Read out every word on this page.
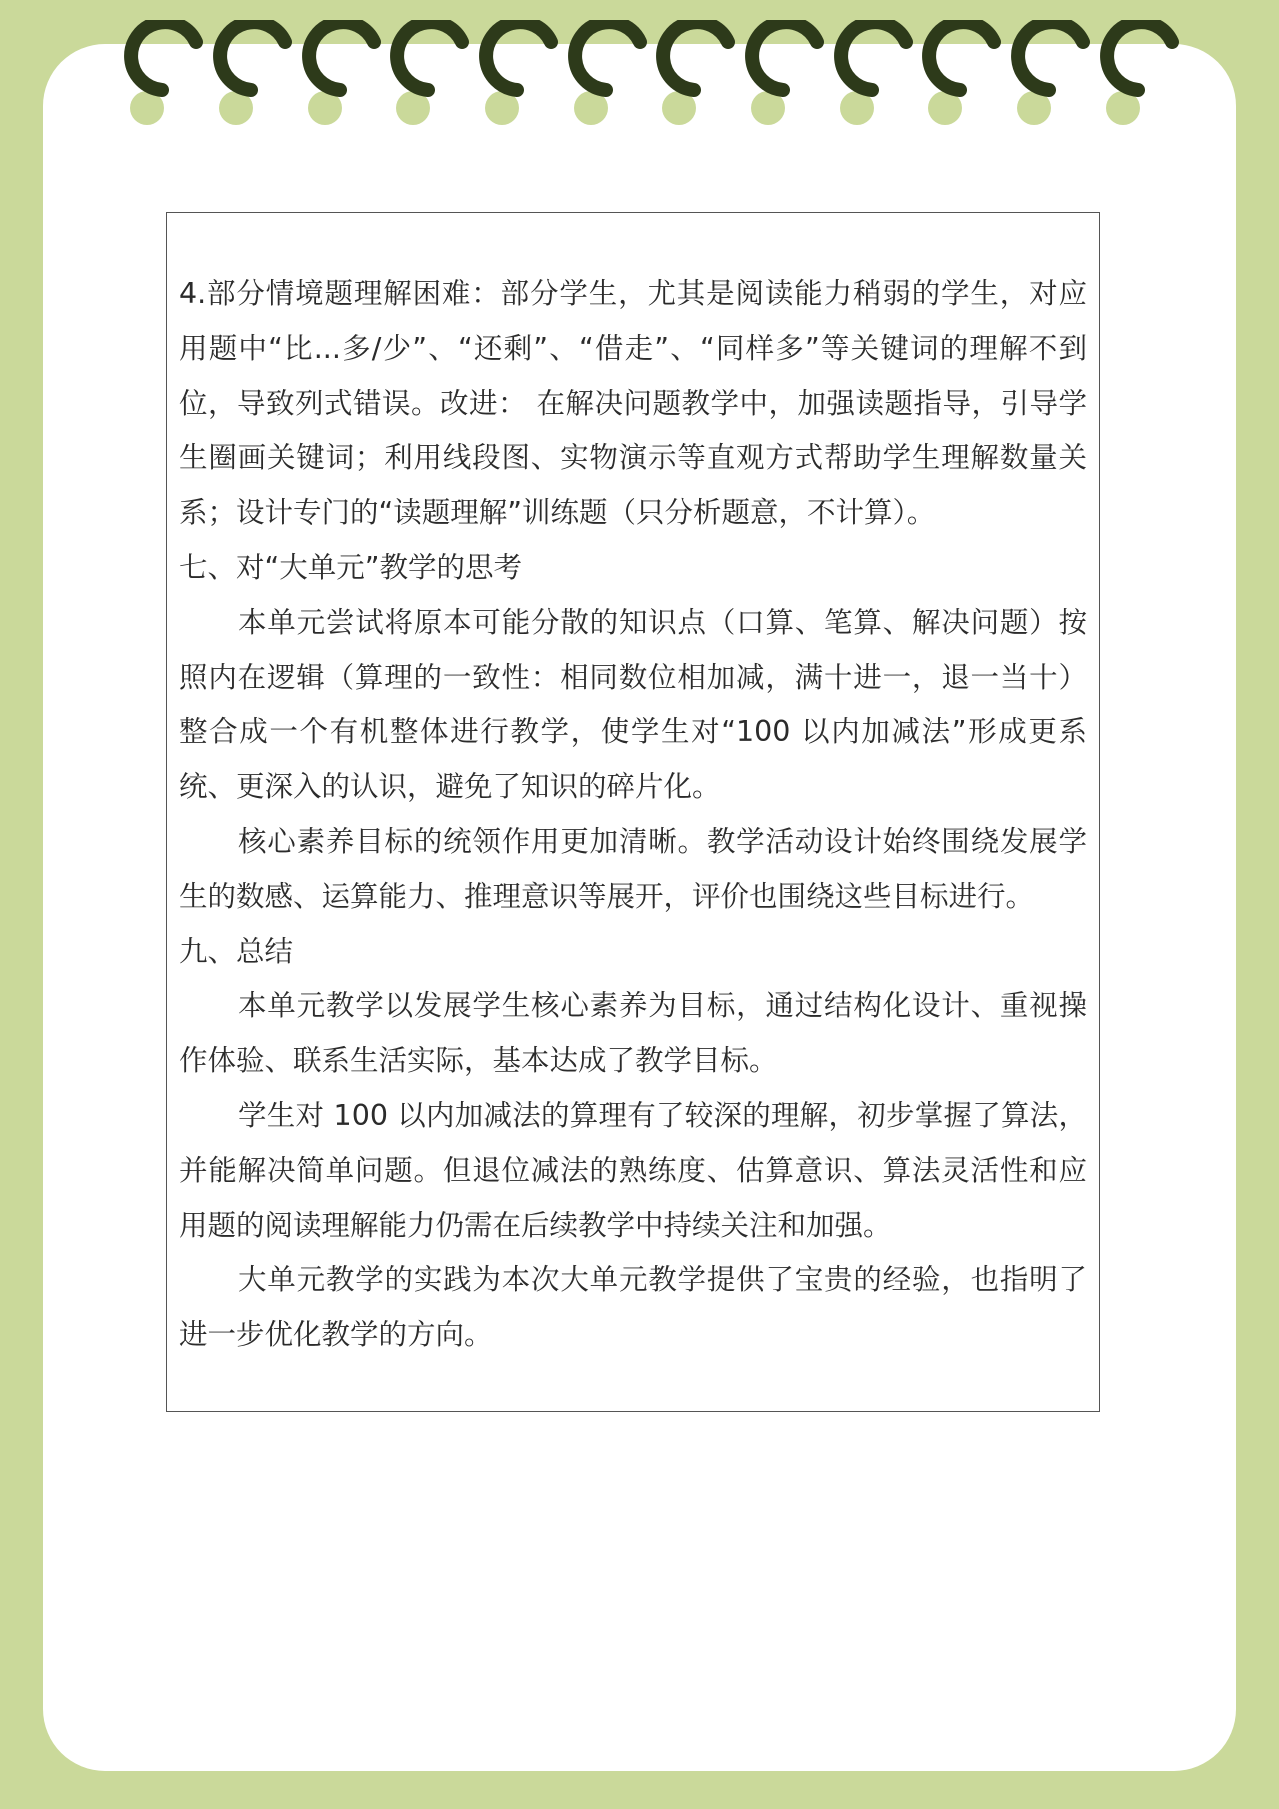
4.部分情境题理解困难：部分学生，尤其是阅读能力稍弱的学生，对应用题中“比...多/少”、“还剩”、“借走”、“同样多”等关键词的理解不到位，导致列式错误。改进： 在解决问题教学中，加强读题指导，引导学生圈画关键词；利用线段图、实物演示等直观方式帮助学生理解数量关系；设计专门的“读题理解”训练题（只分析题意，不计算）。

七、对“大单元”教学的思考

本单元尝试将原本可能分散的知识点（口算、笔算、解决问题）按照内在逻辑（算理的一致性：相同数位相加减，满十进一，退一当十）整合成一个有机整体进行教学，使学生对“100 以内加减法”形成更系统、更深入的认识，避免了知识的碎片化。

核心素养目标的统领作用更加清晰。教学活动设计始终围绕发展学生的数感、运算能力、推理意识等展开，评价也围绕这些目标进行。

九、总结

本单元教学以发展学生核心素养为目标，通过结构化设计、重视操作体验、联系生活实际，基本达成了教学目标。

学生对 100 以内加减法的算理有了较深的理解，初步掌握了算法，并能解决简单问题。但退位减法的熟练度、估算意识、算法灵活性和应用题的阅读理解能力仍需在后续教学中持续关注和加强。

大单元教学的实践为本次大单元教学提供了宝贵的经验，也指明了进一步优化教学的方向。
